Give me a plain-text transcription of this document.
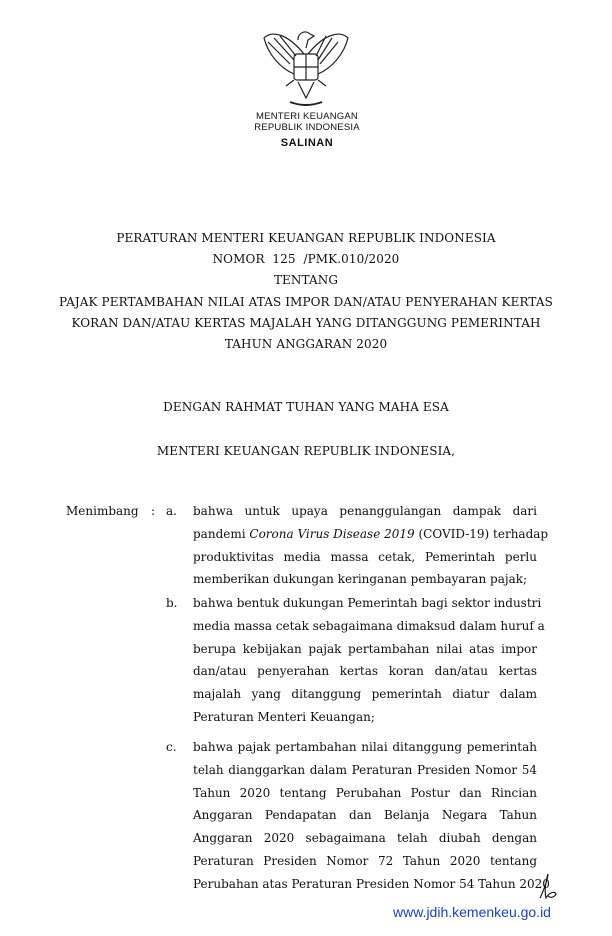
MENTERI KEUANGAN
REPUBLIK INDONESIA
SALINAN
PERATURAN MENTERI KEUANGAN REPUBLIK INDONESIA
NOMOR  125  /PMK.010/2020
TENTANG
PAJAK PERTAMBAHAN NILAI ATAS IMPOR DAN/ATAU PENYERAHAN KERTAS
KORAN DAN/ATAU KERTAS MAJALAH YANG DITANGGUNG PEMERINTAH
TAHUN ANGGARAN 2020
DENGAN RAHMAT TUHAN YANG MAHA ESA
MENTERI KEUANGAN REPUBLIK INDONESIA,
Menimbang : a. bahwa untuk upaya penanggulangan dampak dari
pandemi Corona Virus Disease 2019 (COVID-19) terhadap
produktivitas media massa cetak, Pemerintah perlu
memberikan dukungan keringanan pembayaran pajak;
b. bahwa bentuk dukungan Pemerintah bagi sektor industri
media massa cetak sebagaimana dimaksud dalam huruf a
berupa kebijakan pajak pertambahan nilai atas impor
dan/atau penyerahan kertas koran dan/atau kertas
majalah yang ditanggung pemerintah diatur dalam
Peraturan Menteri Keuangan;
c. bahwa pajak pertambahan nilai ditanggung pemerintah
telah dianggarkan dalam Peraturan Presiden Nomor 54
Tahun 2020 tentang Perubahan Postur dan Rincian
Anggaran Pendapatan dan Belanja Negara Tahun
Anggaran 2020 sebagaimana telah diubah dengan
Peraturan Presiden Nomor 72 Tahun 2020 tentang
Perubahan atas Peraturan Presiden Nomor 54 Tahun 2020
www.jdih.kemenkeu.go.id
